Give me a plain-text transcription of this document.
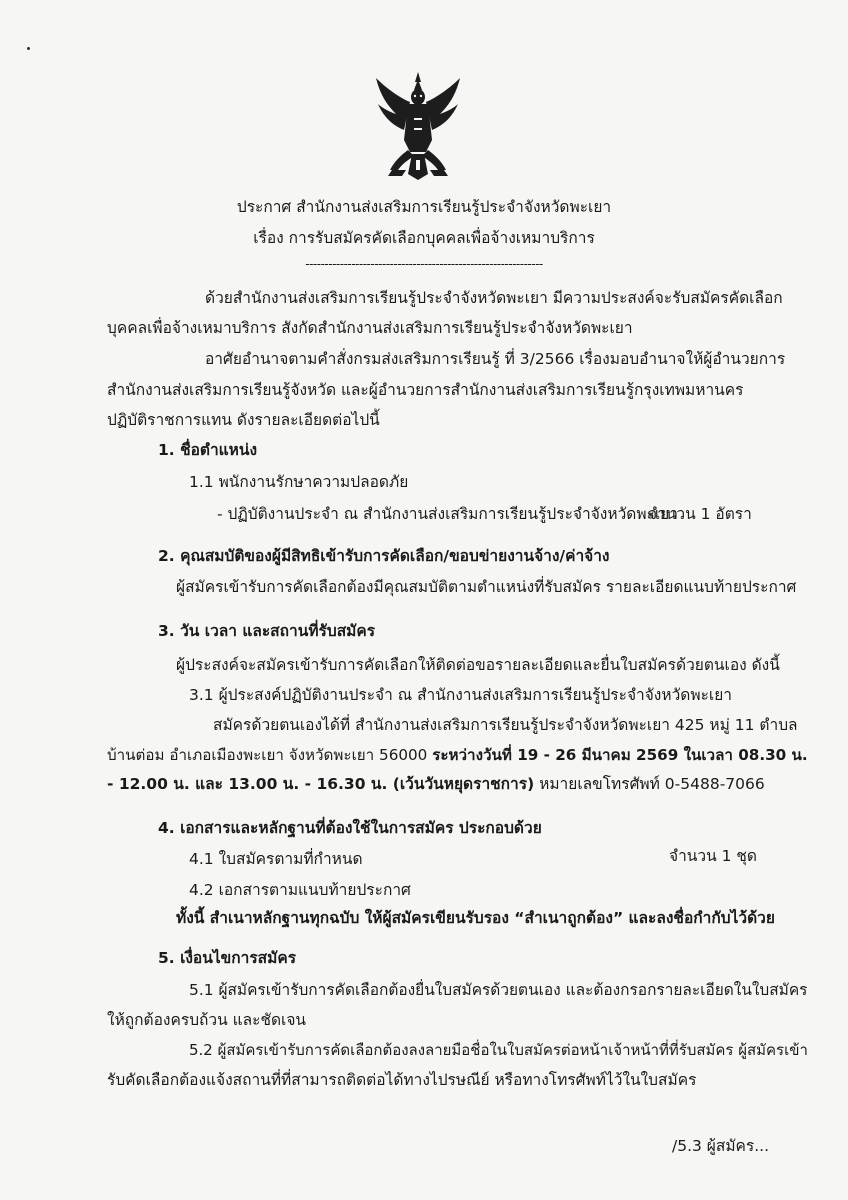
ประกาศ สำนักงานส่งเสริมการเรียนรู้ประจำจังหวัดพะเยา
เรื่อง การรับสมัครคัดเลือกบุคคลเพื่อจ้างเหมาบริการ
--------------------------------------------------------------
ด้วยสำนักงานส่งเสริมการเรียนรู้ประจำจังหวัดพะเยา มีความประสงค์จะรับสมัครคัดเลือก
บุคคลเพื่อจ้างเหมาบริการ สังกัดสำนักงานส่งเสริมการเรียนรู้ประจำจังหวัดพะเยา
อาศัยอำนาจตามคำสั่งกรมส่งเสริมการเรียนรู้ ที่ 3/2566 เรื่องมอบอำนาจให้ผู้อำนวยการ
สำนักงานส่งเสริมการเรียนรู้จังหวัด และผู้อำนวยการสำนักงานส่งเสริมการเรียนรู้กรุงเทพมหานคร
ปฏิบัติราชการแทน ดังรายละเอียดต่อไปนี้
1. ชื่อตำแหน่ง
1.1 พนักงานรักษาความปลอดภัย
- ปฏิบัติงานประจำ ณ สำนักงานส่งเสริมการเรียนรู้ประจำจังหวัดพะเยา
จำนวน 1 อัตรา
2. คุณสมบัติของผู้มีสิทธิเข้ารับการคัดเลือก/ขอบข่ายงานจ้าง/ค่าจ้าง
ผู้สมัครเข้ารับการคัดเลือกต้องมีคุณสมบัติตามตำแหน่งที่รับสมัคร รายละเอียดแนบท้ายประกาศ
3. วัน เวลา และสถานที่รับสมัคร
ผู้ประสงค์จะสมัครเข้ารับการคัดเลือกให้ติดต่อขอรายละเอียดและยื่นใบสมัครด้วยตนเอง ดังนี้
3.1 ผู้ประสงค์ปฏิบัติงานประจำ ณ สำนักงานส่งเสริมการเรียนรู้ประจำจังหวัดพะเยา
สมัครด้วยตนเองได้ที่ สำนักงานส่งเสริมการเรียนรู้ประจำจังหวัดพะเยา 425 หมู่ 11 ตำบล
บ้านต่อม อำเภอเมืองพะเยา จังหวัดพะเยา 56000 ระหว่างวันที่ 19 - 26 มีนาคม 2569 ในเวลา 08.30 น.
- 12.00 น. และ 13.00 น. - 16.30 น. (เว้นวันหยุดราชการ) หมายเลขโทรศัพท์ 0-5488-7066
4. เอกสารและหลักฐานที่ต้องใช้ในการสมัคร ประกอบด้วย
4.1 ใบสมัครตามที่กำหนด	จำนวน 1 ชุด
4.2 เอกสารตามแนบท้ายประกาศ
ทั้งนี้ สำเนาหลักฐานทุกฉบับ ให้ผู้สมัครเขียนรับรอง “สำเนาถูกต้อง” และลงชื่อกำกับไว้ด้วย
5. เงื่อนไขการสมัคร
5.1 ผู้สมัครเข้ารับการคัดเลือกต้องยื่นใบสมัครด้วยตนเอง และต้องกรอกรายละเอียดในใบสมัคร
ให้ถูกต้องครบถ้วน และชัดเจน
5.2 ผู้สมัครเข้ารับการคัดเลือกต้องลงลายมือชื่อในใบสมัครต่อหน้าเจ้าหน้าที่ที่รับสมัคร ผู้สมัครเข้า
รับคัดเลือกต้องแจ้งสถานที่ที่สามารถติดต่อได้ทางไปรษณีย์ หรือทางโทรศัพท์ไว้ในใบสมัคร
/5.3 ผู้สมัคร...
